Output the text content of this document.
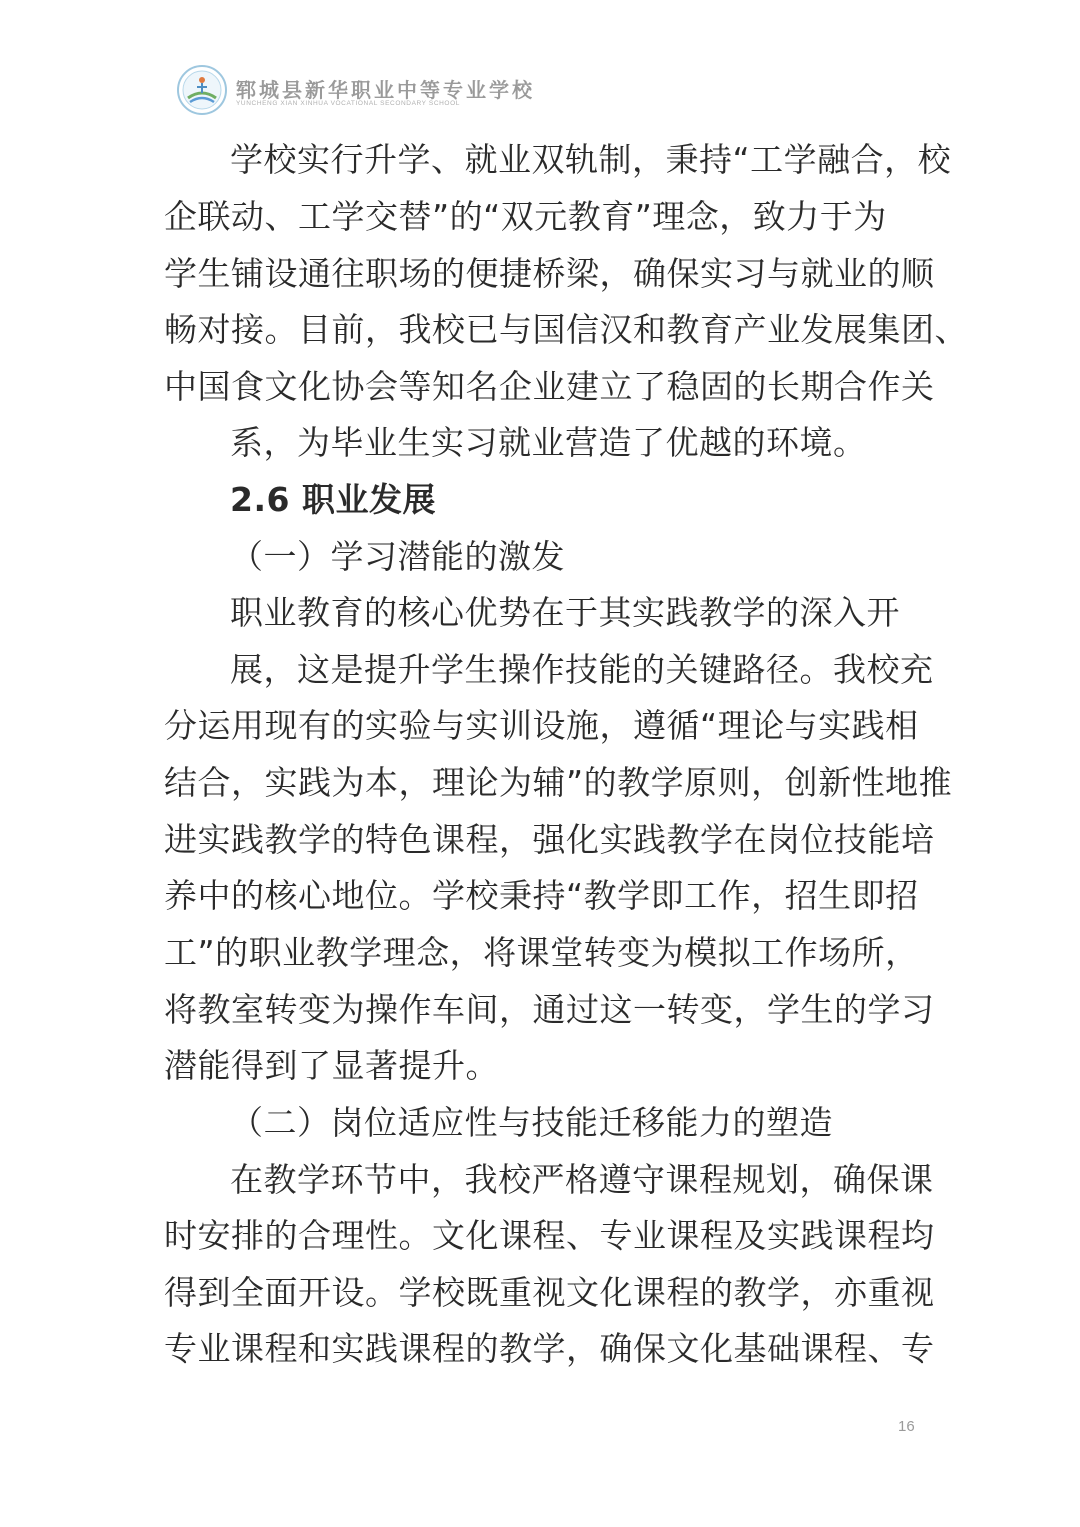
郓城县新华职业中等专业学校
YUNCHENG XIAN XINHUA VOCATIONAL SECONDARY SCHOOL
学校实行升学、就业双轨制，秉持“工学融合，校
企联动、工学交替”的“双元教育”理念，致力于为
学生铺设通往职场的便捷桥梁，确保实习与就业的顺
畅对接。目前，我校已与国信汉和教育产业发展集团、
中国食文化协会等知名企业建立了稳固的长期合作关
系，为毕业生实习就业营造了优越的环境。
2.6 职业发展
（一）学习潜能的激发
职业教育的核心优势在于其实践教学的深入开
展，这是提升学生操作技能的关键路径。我校充
分运用现有的实验与实训设施，遵循“理论与实践相
结合，实践为本，理论为辅”的教学原则，创新性地推
进实践教学的特色课程，强化实践教学在岗位技能培
养中的核心地位。学校秉持“教学即工作，招生即招
工”的职业教学理念，将课堂转变为模拟工作场所，
将教室转变为操作车间，通过这一转变，学生的学习
潜能得到了显著提升。
（二）岗位适应性与技能迁移能力的塑造
在教学环节中，我校严格遵守课程规划，确保课
时安排的合理性。文化课程、专业课程及实践课程均
得到全面开设。学校既重视文化课程的教学，亦重视
专业课程和实践课程的教学，确保文化基础课程、专
16
